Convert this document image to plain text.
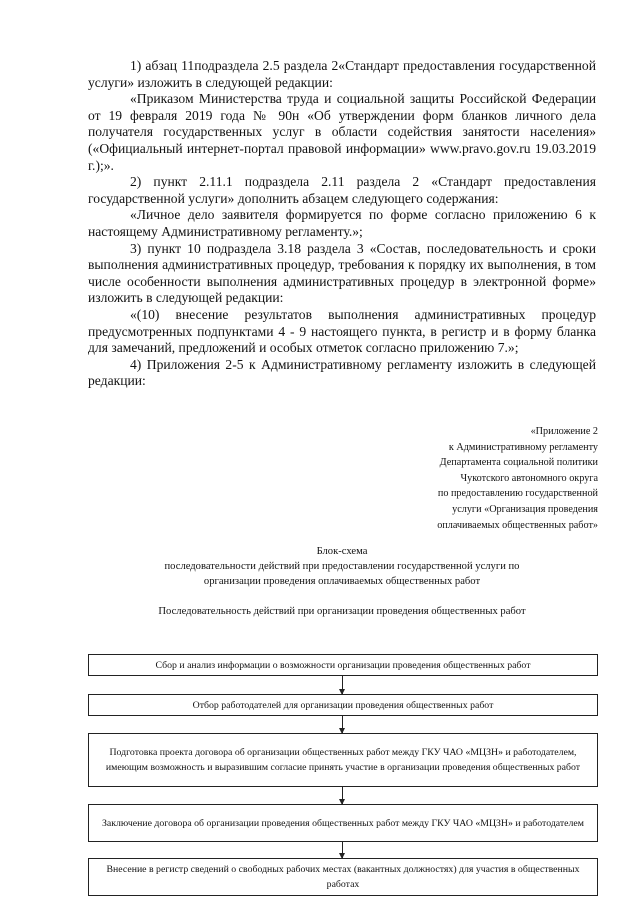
1) абзац 11подраздела 2.5 раздела 2«Стандарт предоставления государственной услуги» изложить в следующей редакции:

«Приказом Министерства труда и социальной защиты Российской Федерации от 19 февраля 2019 года № 90н «Об утверждении форм бланков личного дела получателя государственных услуг в области содействия занятости населения» («Официальный интернет-портал правовой информации» www.pravo.gov.ru 19.03.2019 г.);».

2) пункт 2.11.1 подраздела 2.11 раздела 2 «Стандарт предоставления государственной услуги» дополнить абзацем следующего содержания:

«Личное дело заявителя формируется по форме согласно приложению 6 к настоящему Административному регламенту.»;

3) пункт 10 подраздела 3.18 раздела 3 «Состав, последовательность и сроки выполнения административных процедур, требования к порядку их выполнения, в том числе особенности выполнения административных процедур в электронной форме» изложить в следующей редакции:

«(10) внесение результатов выполнения административных процедур предусмотренных подпунктами 4 - 9 настоящего пункта, в регистр и в форму бланка для замечаний, предложений и особых отметок согласно приложению 7.»;

4) Приложения 2-5 к Административному регламенту изложить в следующей редакции:

«Приложение 2
к Административному регламенту
Департамента социальной политики
Чукотского автономного округа
по предоставлению государственной
услуги «Организация проведения
оплачиваемых общественных работ»
Блок-схема
последовательности действий при предоставлении государственной услуги по
организации проведения оплачиваемых общественных работ
Последовательность действий при организации проведения общественных работ
Сбор и анализ информации о возможности организации проведения общественных работ
Отбор работодателей для организации проведения общественных работ
Подготовка проекта договора об организации общественных работ между ГКУ ЧАО «МЦЗН» и работодателем, имеющим возможность и выразившим согласие принять участие в организации проведения общественных работ
Заключение договора об организации проведения общественных работ между ГКУ ЧАО «МЦЗН» и работодателем
Внесение в регистр сведений о свободных рабочих местах (вакантных должностях) для участия в общественных работах
